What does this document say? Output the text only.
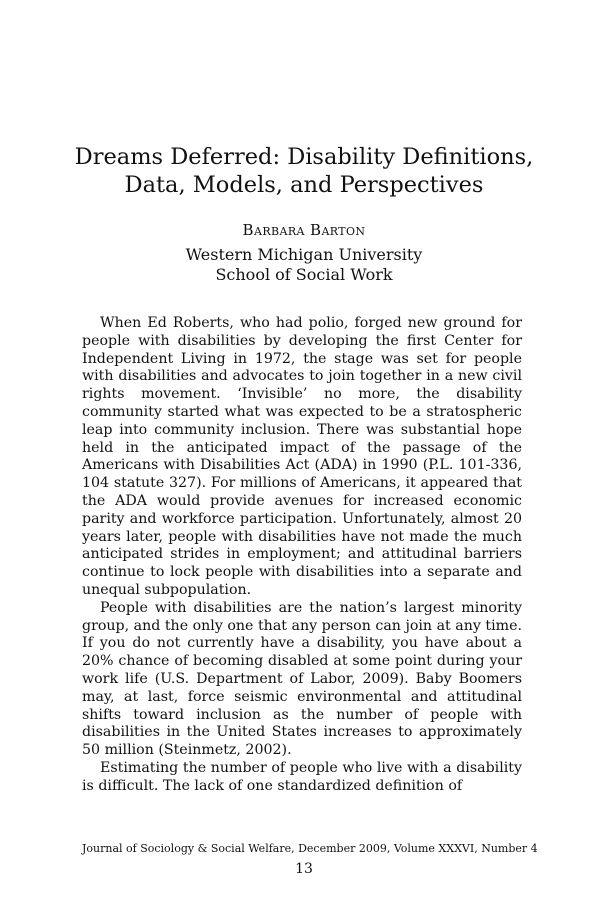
Dreams Deferred: Disability Definitions,
Data, Models, and Perspectives
Barbara Barton
Western Michigan University
School of Social Work

When Ed Roberts, who had polio, forged new ground for people with disabilities by developing the first Center for Independent Living in 1972, the stage was set for people with disabilities and advocates to join together in a new civil rights movement. ‘Invisible’ no more, the disability community started what was expected to be a stratospheric leap into community inclusion. There was substantial hope held in the anticipated impact of the passage of the Americans with Disabilities Act (ADA) in 1990 (P.L. 101-336, 104 statute 327). For millions of Americans, it appeared that the ADA would provide avenues for increased economic parity and workforce participation. Unfortunately, almost 20 years later, people with disabilities have not made the much anticipated strides in employment; and attitudinal barriers continue to lock people with disabilities into a separate and unequal subpopulation.

People with disabilities are the nation’s largest minority group, and the only one that any person can join at any time. If you do not currently have a disability, you have about a 20% chance of becoming disabled at some point during your work life (U.S. Department of Labor, 2009). Baby Boomers may, at last, force seismic environmental and attitudinal shifts toward inclusion as the number of people with disabilities in the United States increases to approximately 50 million (Steinmetz, 2002).

Estimating the number of people who live with a disability is difficult. The lack of one standardized definition of

Journal of Sociology & Social Welfare, December 2009, Volume XXXVI, Number 4
13
